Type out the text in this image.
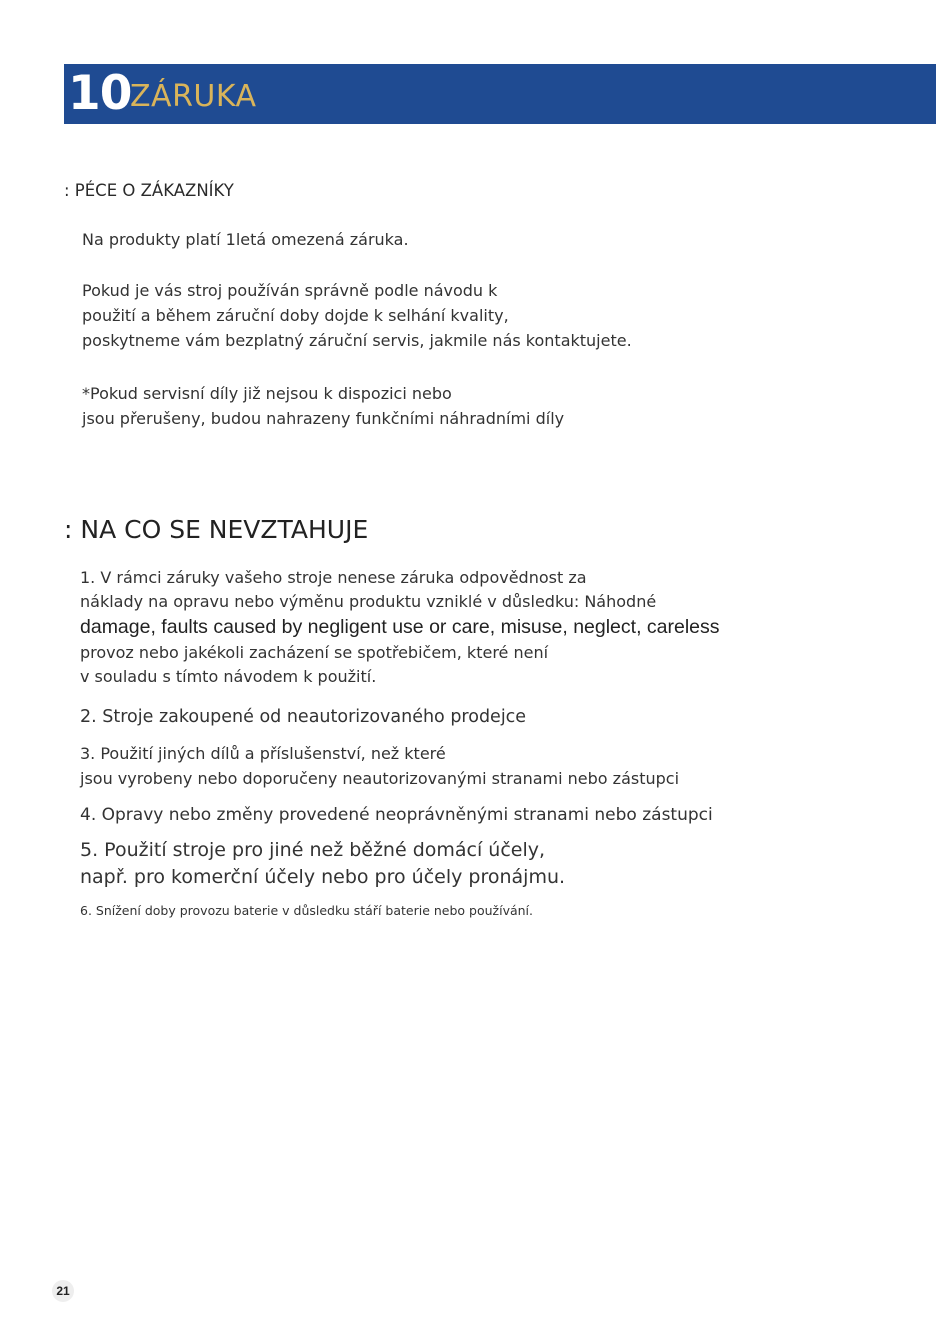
10
ZÁRUKA
: PÉCE O ZÁKAZNÍKY
Na produkty platí 1letá omezená záruka.
Pokud je vás stroj používán správně podle návodu k
použití a během záruční doby dojde k selhání kvality,
poskytneme vám bezplatný záruční servis, jakmile nás kontaktujete.
*Pokud servisní díly již nejsou k dispozici nebo
jsou přerušeny, budou nahrazeny funkčními náhradními díly
: NA CO SE NEVZTAHUJE
1. V rámci záruky vašeho stroje nenese záruka odpovědnost za
náklady na opravu nebo výměnu produktu vzniklé v důsledku: Náhodné
damage, faults caused by negligent use or care, misuse, neglect, careless
provoz nebo jakékoli zacházení se spotřebičem, které není
v souladu s tímto návodem k použití.
2. Stroje zakoupené od neautorizovaného prodejce
3. Použití jiných dílů a příslušenství, než které
jsou vyrobeny nebo doporučeny neautorizovanými stranami nebo zástupci
4. Opravy nebo změny provedené neoprávněnými stranami nebo zástupci
5. Použití stroje pro jiné než běžné domácí účely,
např. pro komerční účely nebo pro účely pronájmu.
6. Snížení doby provozu baterie v důsledku stáří baterie nebo používání.
21
